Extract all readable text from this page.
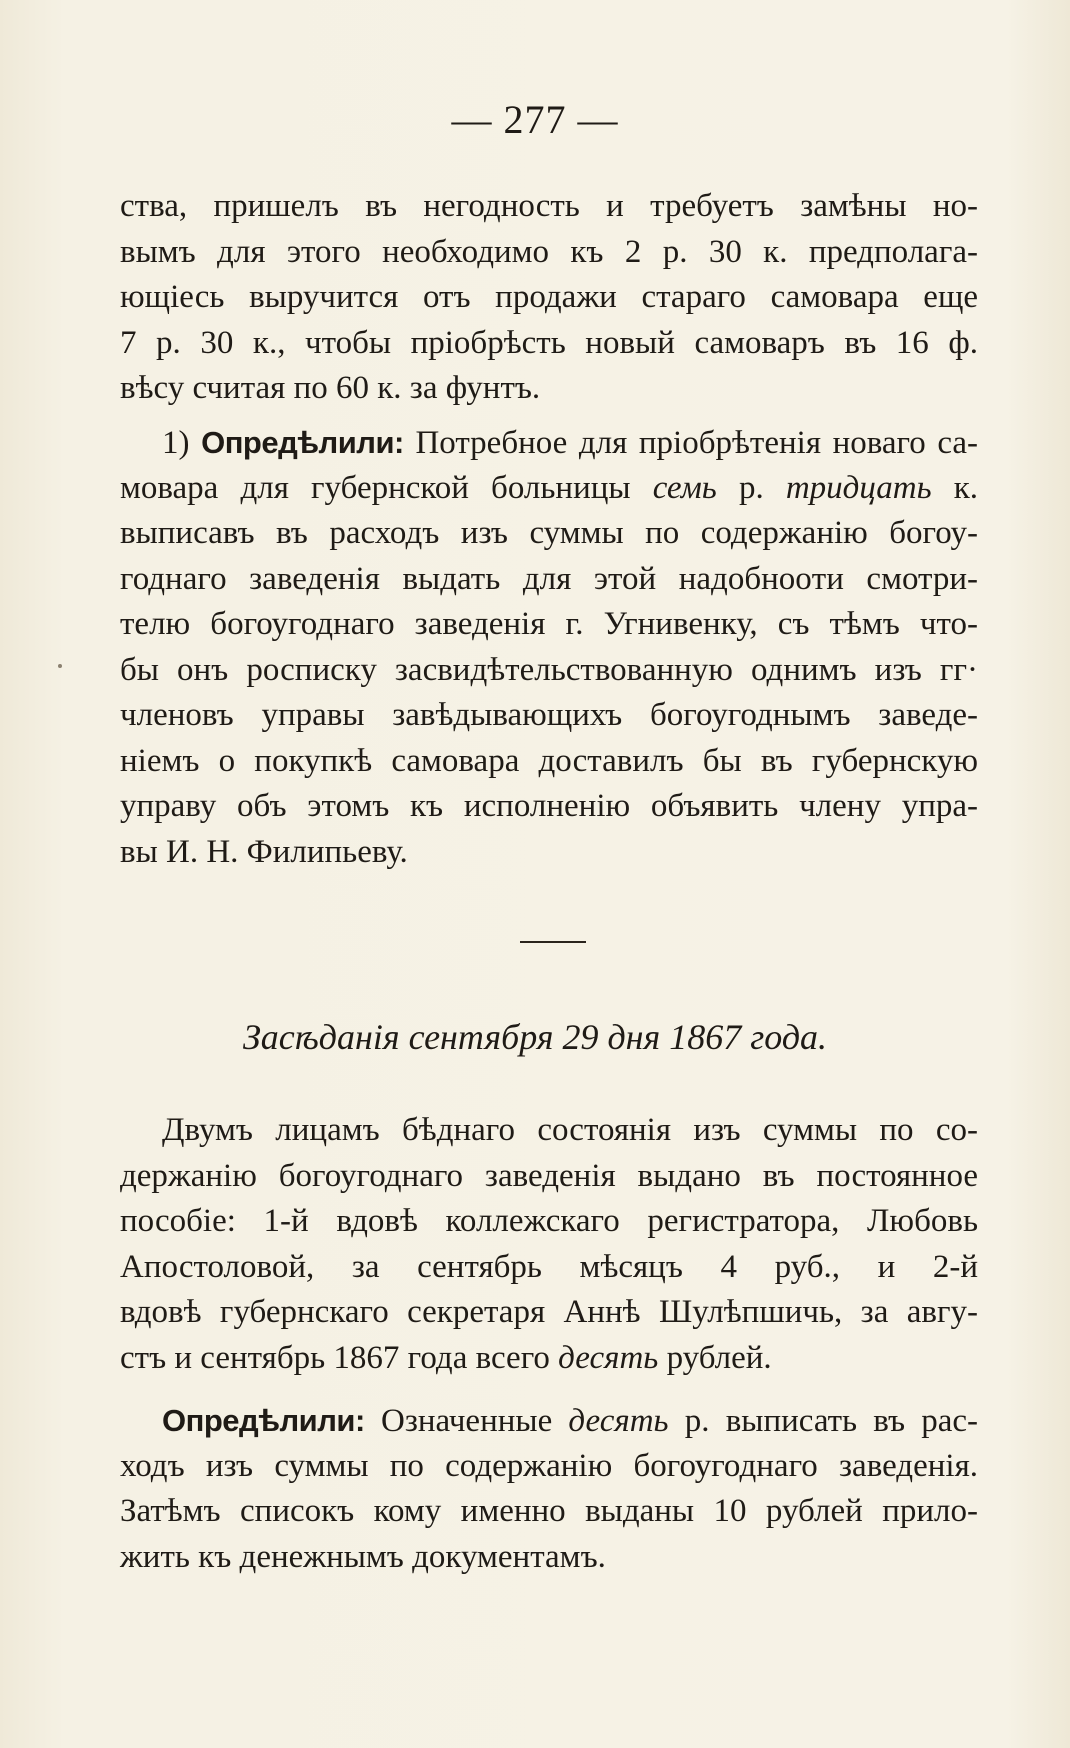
— 277 —
ства, пришелъ въ негодность и требуетъ замѣны но-
вымъ для этого необходимо къ 2 р. 30 к. предполага-
ющіесь выручится отъ продажи стараго самовара еще
7 р. 30 к., чтобы пріобрѣсть новый самоваръ въ 16 ф.
вѣсу считая по 60 к. за фунтъ.
1) Опредѣлили: Потребное для пріобрѣтенія новаго са-
мовара для губернской больницы семь р. тридцать к.
выписавъ въ расходъ изъ суммы по содержанію богоу-
годнаго заведенія выдать для этой надобноoти смотри-
телю богоугоднаго заведенія г. Угнивенку, съ тѣмъ что-
бы онъ росписку засвидѣтельствованную однимъ изъ гг·
членовъ управы завѣдывающихъ богоугоднымъ заведе-
ніемъ о покупкѣ самовара доставилъ бы въ губернскую
управу объ этомъ къ исполненію объявить члену упра-
вы И. Н. Филипьеву.
Засѣданія сентября 29 дня 1867 года.
Двумъ лицамъ бѣднаго состоянія изъ суммы по со-
держанію богоугоднаго заведенія выдано въ постоянное
пособіе: 1-й вдовѣ коллежскаго регистратора, Любовь
Апостоловой, за сентябрь мѣсяцъ 4 руб., и 2-й
вдовѣ губернскаго секретаря Аннѣ Шулѣпшичь, за авгу-
стъ и сентябрь 1867 года всего десять рублей.
Опредѣлили: Означенные десять р. выписать въ рас-
ходъ изъ суммы по содержанію богоугоднаго заведенія.
Затѣмъ списокъ кому именно выданы 10 рублей прило-
жить къ денежнымъ документамъ.
